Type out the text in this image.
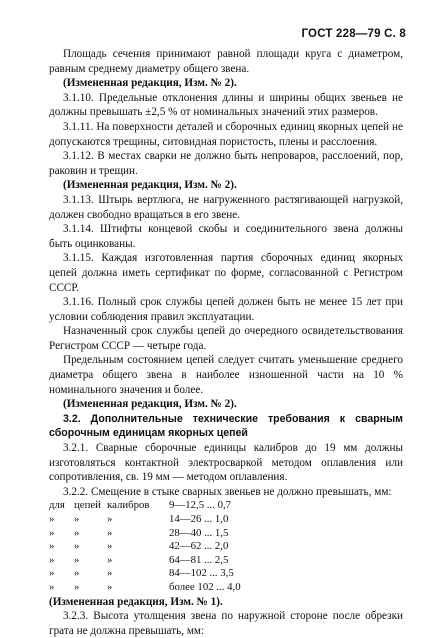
ГОСТ 228—79 С. 8

Площадь сечения принимают равной площади круга с диаметром, равным среднему диаметру общего звена.

(Измененная редакция, Изм. № 2).

3.1.10. Предельные отклонения длины и ширины общих звеньев не должны превышать ±2,5 % от номинальных значений этих размеров.

3.1.11. На поверхности деталей и сборочных единиц якорных цепей не допускаются трещины, ситовидная пористость, плены и расслоения.

3.1.12. В местах сварки не должно быть непроваров, расслоений, пор, раковин и трещин.

(Измененная редакция, Изм. № 2).

3.1.13. Штырь вертлюга, не нагруженного растягивающей нагрузкой, должен свободно вращаться в его звене.

3.1.14. Штифты концевой скобы и соединительного звена должны быть оцинкованы.

3.1.15. Каждая изготовленная партия сборочных единиц якорных цепей должна иметь сертификат по форме, согласованной с Регистром СССР.

3.1.16. Полный срок службы цепей должен быть не менее 15 лет при условии соблюдения правил эксплуатации.

Назначенный срок службы цепей до очередного освидетельствования Регистром СССР — четыре года.

Предельным состоянием цепей следует считать уменьшение среднего диаметра общего звена в наиболее изношенной части на 10 % номинального значения и более.

(Измененная редакция, Изм. № 2).

3.2. Дополнительные технические требования к сварным сборочным единицам якорных цепей

3.2.1. Сварные сборочные единицы калибров до 19 мм должны изготовляться контактной электросваркой методом оплавления или сопротивления, св. 19 мм — методом оплавления.

3.2.2. Смещение в стыке сварных звеньев не должно превышать, мм:

для цепей калибров 9—12,5 ... 0,7
» »	»	14—26 ... 1,0
» »	»	28—40 ... 1,5
» »	»	42—62 ... 2,0
» »	»	64—81 ... 2,5
» »	»	84—102 ... 3,5
» »	»	более 102 ... 4,0

(Измененная редакция, Изм. № 1).

3.2.3. Высота утолщения звена по наружной стороне после обрезки грата не должна превышать, мм:
